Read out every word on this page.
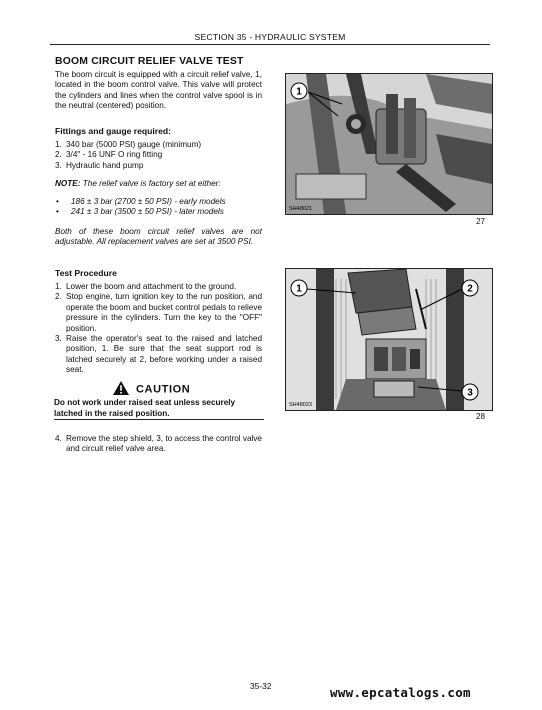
SECTION 35 - HYDRAULIC SYSTEM
BOOM CIRCUIT RELIEF VALVE TEST

The boom circuit is equipped with a circuit relief valve, 1, located in the boom control valve. This valve will protect the cylinders and lines when the control valve spool is in the neutral (centered) position.

Fittings and gauge required:
1. 340 bar (5000 PSI) gauge (minimum)
2. 3/4" - 16 UNF O ring fitting
3. Hydraulic hand pump
NOTE: The relief valve is factory set at either:
• 186 ± 3 bar (2700 ± 50 PSI) - early models
• 241 ± 3 bar (3500 ± 50 PSI) - later models

Both of these boom circuit relief valves are not adjustable. All replacement valves are set at 3500 PSI.

Test Procedure
1. Lower the boom and attachment to the ground.
2. Stop engine, turn ignition key to the run position, and operate the boom and bucket control pedals to relieve pressure in the cylinders. Turn the key to the "OFF" position.
3. Raise the operator's seat to the raised and latched position, 1. Be sure that the seat support rod is latched securely at 2, before working under a raised seat.
CAUTION
Do not work under raised seat unless securely latched in the raised position.
4. Remove the step shield, 3, to access the control valve and circuit relief valve area.
1
SH48021
27
1	2
3
SH48023
28
35-32	www.epcatalogs.com
